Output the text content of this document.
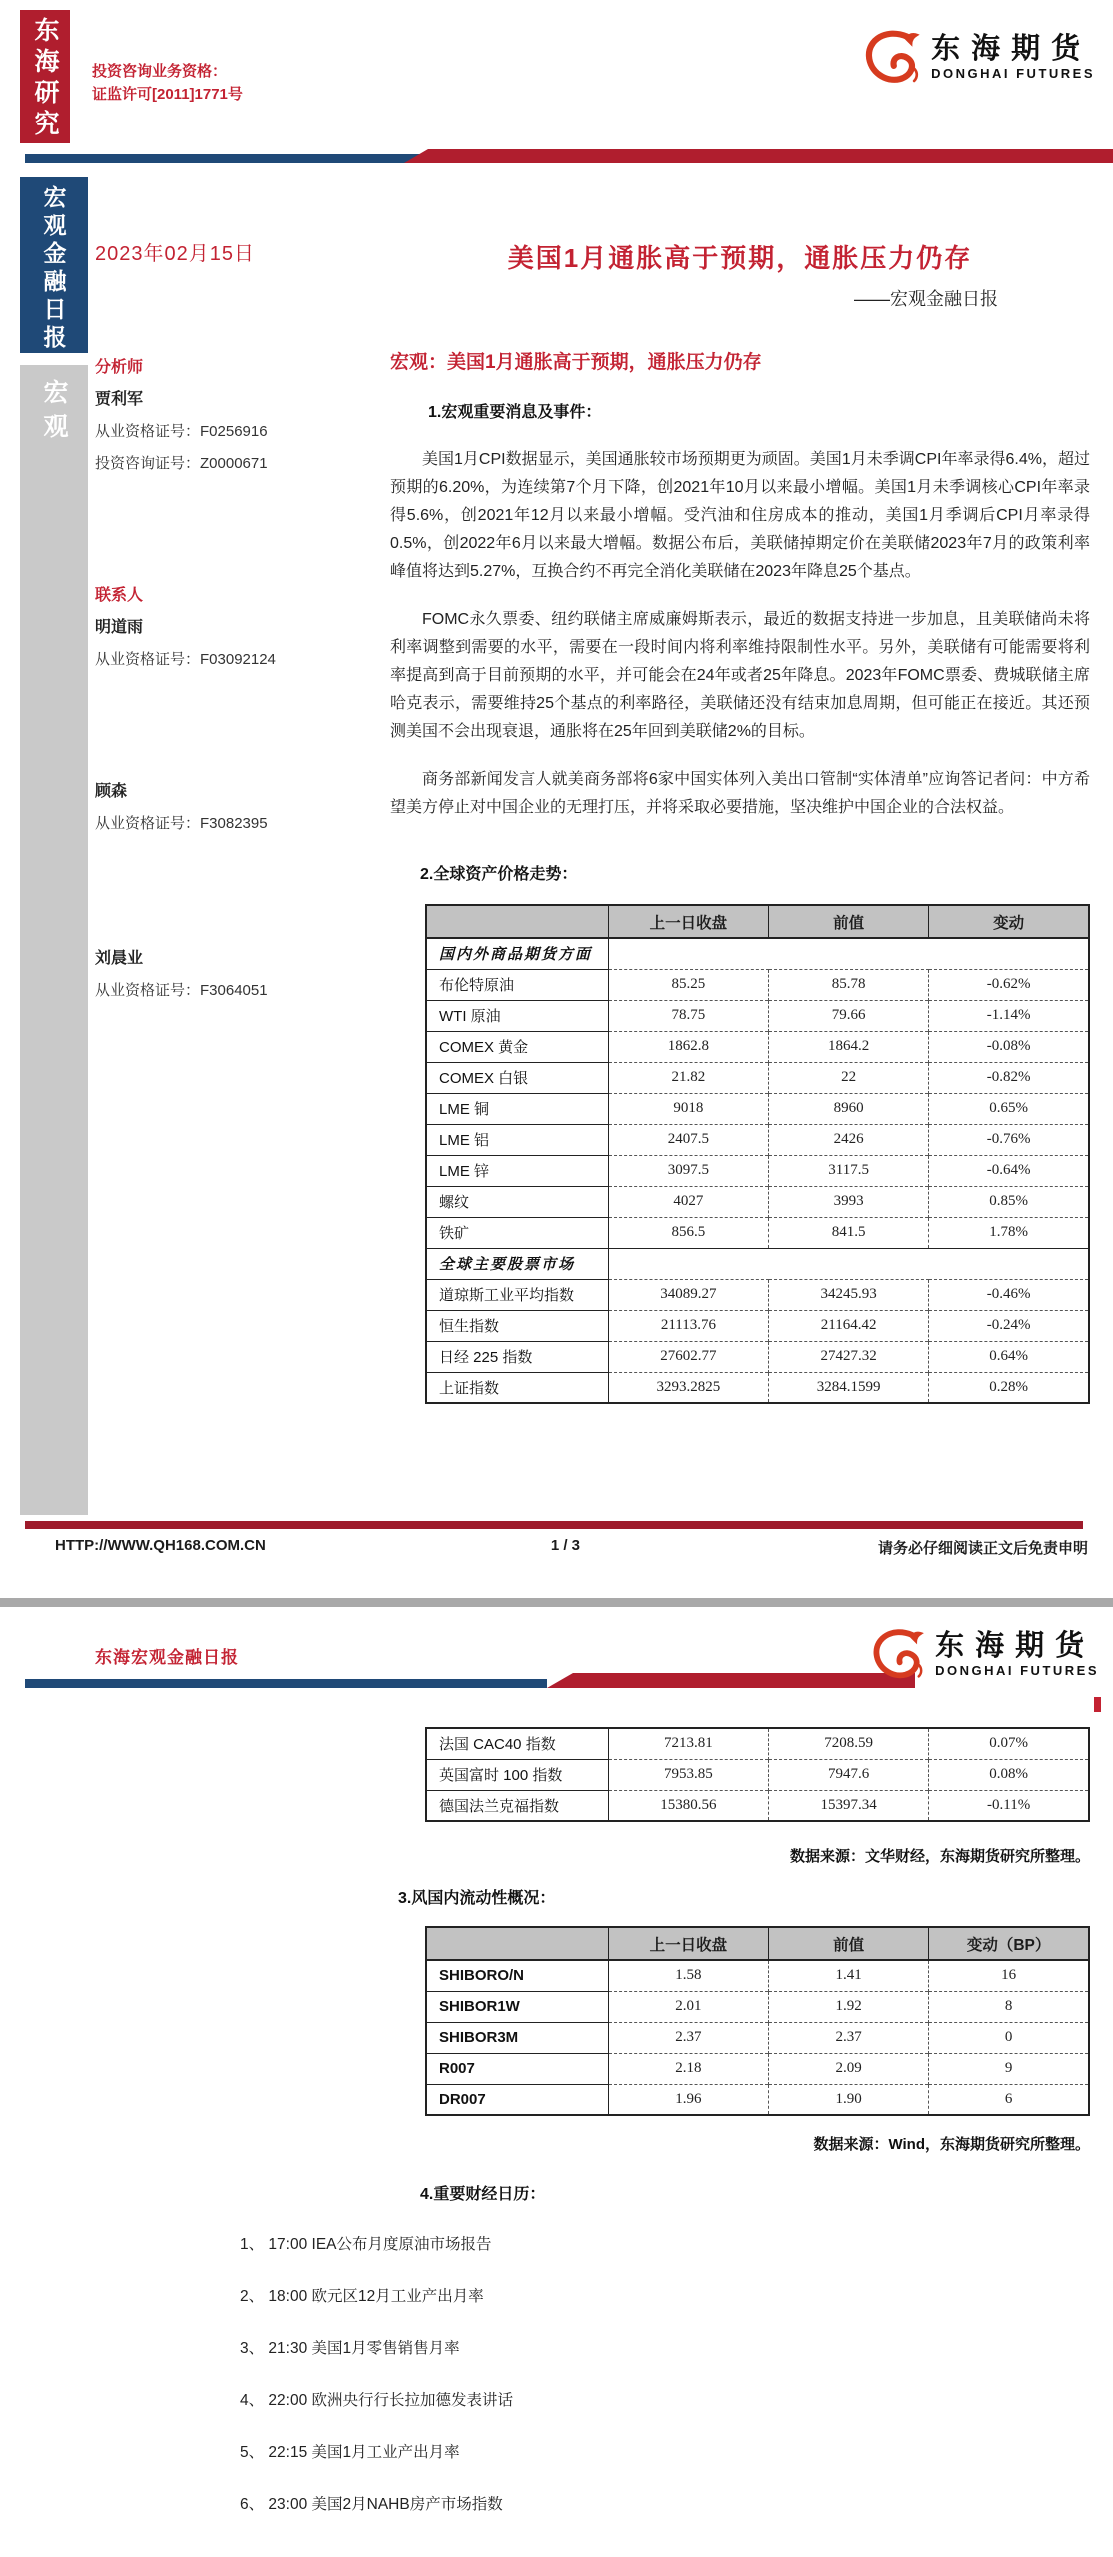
东海研究 投资咨询业务资格：
证监许可[2011]1771号
东海期货
DONGHAI FUTURES
宏观金融日报
宏观
2023年02月15日
分析师
贾利军
从业资格证号：F0256916
投资咨询证号：Z0000671
联系人
明道雨
从业资格证号：F03092124
顾森
从业资格证号：F3082395
刘晨业
从业资格证号：F3064051
美国1月通胀高于预期，通胀压力仍存
——宏观金融日报
宏观：美国1月通胀高于预期，通胀压力仍存
1.宏观重要消息及事件：

美国1月CPI数据显示，美国通胀较市场预期更为顽固。美国1月未季调CPI年率录得6.4%，超过预期的6.20%，为连续第7个月下降，创2021年10月以来最小增幅。美国1月未季调核心CPI年率录得5.6%，创2021年12月以来最小增幅。受汽油和住房成本的推动，美国1月季调后CPI月率录得0.5%，创2022年6月以来最大增幅。数据公布后，美联储掉期定价在美联储2023年7月的政策利率峰值将达到5.27%，互换合约不再完全消化美联储在2023年降息25个基点。

FOMC永久票委、纽约联储主席威廉姆斯表示，最近的数据支持进一步加息，且美联储尚未将利率调整到需要的水平，需要在一段时间内将利率维持限制性水平。另外，美联储有可能需要将利率提高到高于目前预期的水平，并可能会在24年或者25年降息。2023年FOMC票委、费城联储主席哈克表示，需要维持25个基点的利率路径，美联储还没有结束加息周期，但可能正在接近。其还预测美国不会出现衰退，通胀将在25年回到美联储2%的目标。

商务部新闻发言人就美商务部将6家中国实体列入美出口管制“实体清单”应询答记者问：中方希望美方停止对中国企业的无理打压，并将采取必要措施，坚决维护中国企业的合法权益。

2.全球资产价格走势：
	上一日收盘	前值	变动
国内外商品期货方面			
布伦特原油	85.25	85.78	-0.62%
WTI 原油	78.75	79.66	-1.14%
COMEX 黄金	1862.8	1864.2	-0.08%
COMEX 白银	21.82	22	-0.82%
LME 铜	9018	8960	0.65%
LME 铝	2407.5	2426	-0.76%
LME 锌	3097.5	3117.5	-0.64%
螺纹	4027	3993	0.85%
铁矿	856.5	841.5	1.78%
全球主要股票市场			
道琼斯工业平均指数	34089.27	34245.93	-0.46%
恒生指数	21113.76	21164.42	-0.24%
日经 225 指数	27602.77	27427.32	0.64%
上证指数	3293.2825	3284.1599	0.28%
HTTP://WWW.QH168.COM.CN	1 / 3	请务必仔细阅读正文后免责申明
东海宏观金融日报	东海期货
DONGHAI FUTURES
法国 CAC40 指数	7213.81	7208.59	0.07%
英国富时 100 指数	7953.85	7947.6	0.08%
德国法兰克福指数	15380.56	15397.34	-0.11%
数据来源：文华财经，东海期货研究所整理。
3.风国内流动性概况：
	上一日收盘	前值	变动（BP）
SHIBORO/N	1.58	1.41	16
SHIBOR1W	2.01	1.92	8
SHIBOR3M	2.37	2.37	0
R007	2.18	2.09	9
DR007	1.96	1.90	6
数据来源：Wind，东海期货研究所整理。
4.重要财经日历：
1、 17:00 IEA公布月度原油市场报告
2、 18:00 欧元区12月工业产出月率
3、 21:30 美国1月零售销售月率
4、 22:00 欧洲央行行长拉加德发表讲话
5、 22:15 美国1月工业产出月率
6、 23:00 美国2月NAHB房产市场指数
